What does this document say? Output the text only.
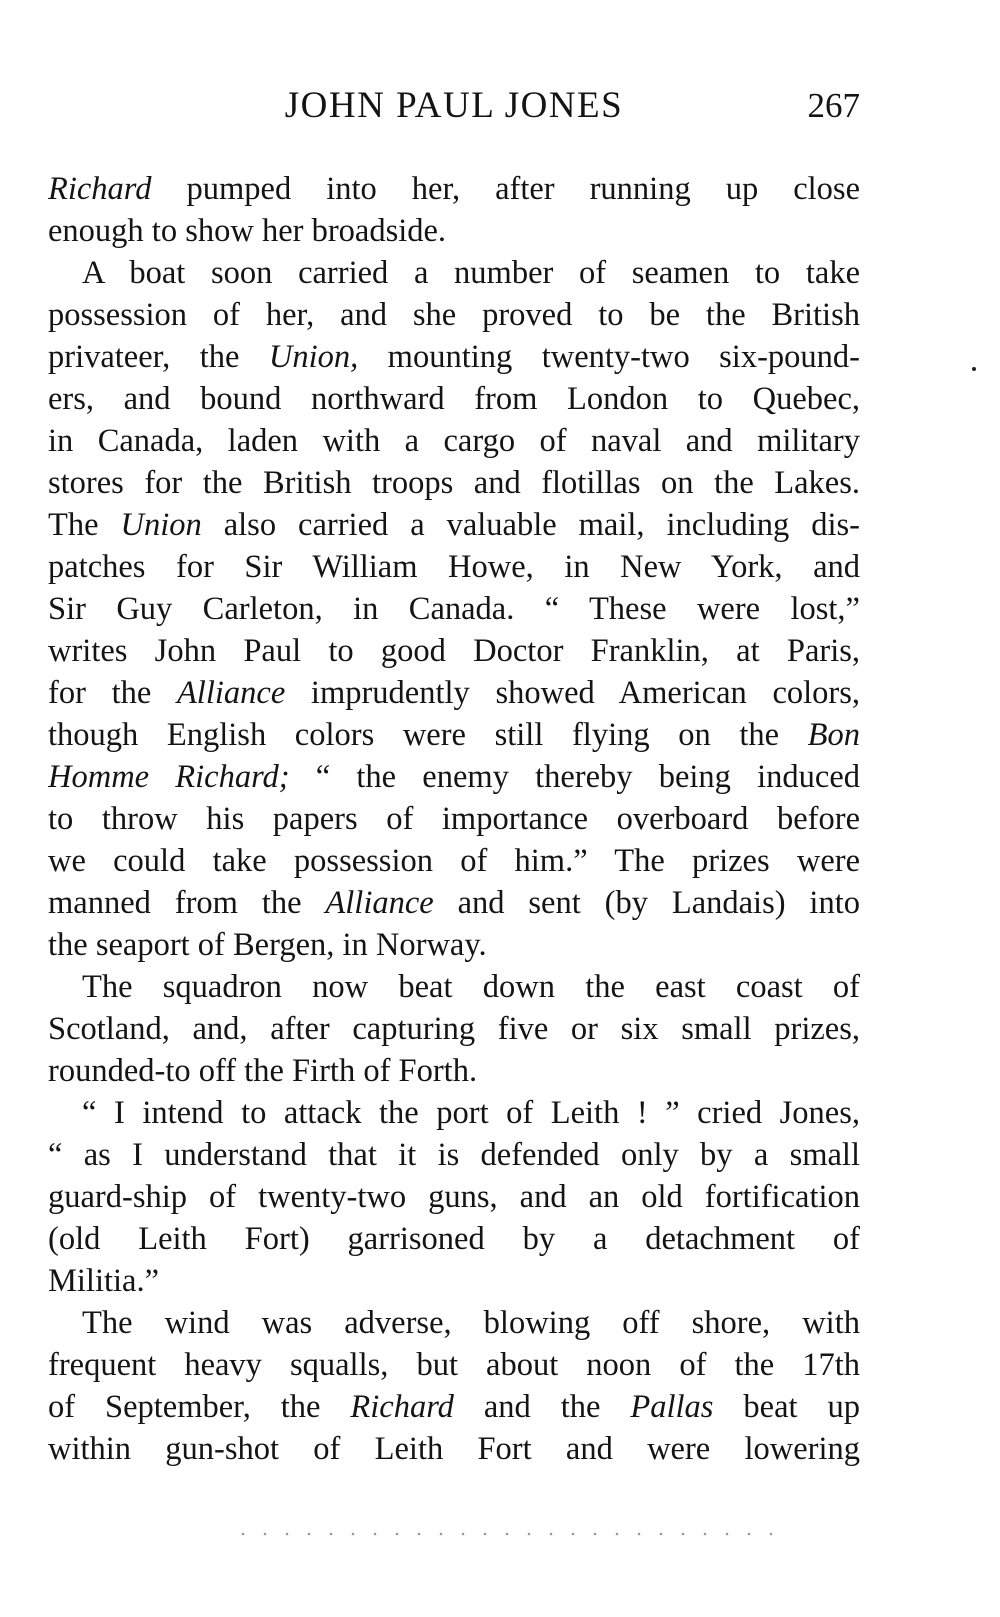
JOHN PAUL JONES	267
Richard pumped into her, after running up close
enough to show her broadside.
A boat soon carried a number of seamen to take
possession of her, and she proved to be the British
privateer, the Union, mounting twenty-two six-pound-
ers, and bound northward from London to Quebec,
in Canada, laden with a cargo of naval and military
stores for the British troops and flotillas on the Lakes.
The Union also carried a valuable mail, including dis-
patches for Sir William Howe, in New York, and
Sir Guy Carleton, in Canada. “ These were lost,”
writes John Paul to good Doctor Franklin, at Paris,
for the Alliance imprudently showed American colors,
though English colors were still flying on the Bon
Homme Richard; “ the enemy thereby being induced
to throw his papers of importance overboard before
we could take possession of him.” The prizes were
manned from the Alliance and sent (by Landais) into
the seaport of Bergen, in Norway.
The squadron now beat down the east coast of
Scotland, and, after capturing five or six small prizes,
rounded-to off the Firth of Forth.
“ I intend to attack the port of Leith ! ” cried Jones,
“ as I understand that it is defended only by a small
guard-ship of twenty-two guns, and an old fortification
(old Leith Fort) garrisoned by a detachment of
Militia.”
The wind was adverse, blowing off shore, with
frequent heavy squalls, but about noon of the 17th
of September, the Richard and the Pallas beat up
within gun-shot of Leith Fort and were lowering
